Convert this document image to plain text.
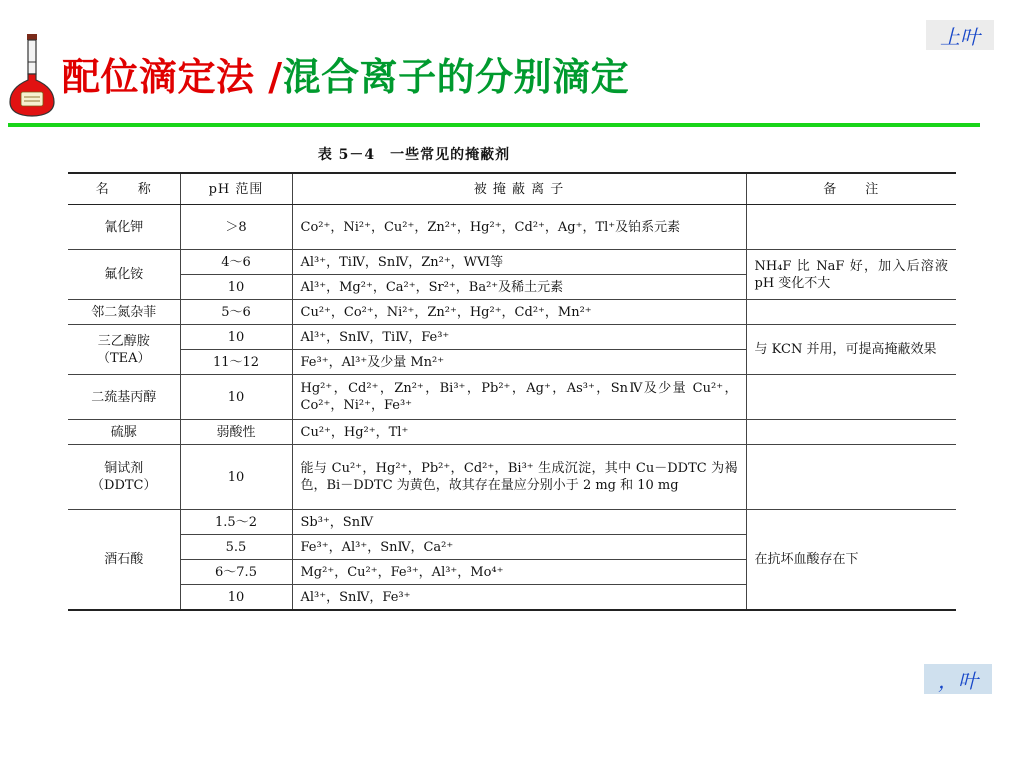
配位滴定法 /混合离子的分别滴定
上叶
表 5－4　一些常见的掩蔽剂
名　　称	pH 范围	被 掩 蔽 离 子	备　　注
氰化钾	＞8	Co²⁺，Ni²⁺，Cu²⁺，Zn²⁺，Hg²⁺，Cd²⁺，Ag⁺，Tl⁺及铂系元素	
氟化铵	4～6	Al³⁺，TiⅣ，SnⅣ，Zn²⁺，WⅥ等	NH₄F 比 NaF 好，加入后溶液 pH 变化不大
	10	Al³⁺，Mg²⁺，Ca²⁺，Sr²⁺，Ba²⁺及稀土元素	
邻二氮杂菲	5～6	Cu²⁺，Co²⁺，Ni²⁺，Zn²⁺，Hg²⁺，Cd²⁺，Mn²⁺	
三乙醇胺（TEA）	10	Al³⁺，SnⅣ，TiⅣ，Fe³⁺	与 KCN 并用，可提高掩蔽效果
	11～12	Fe³⁺，Al³⁺及少量 Mn²⁺	
二巯基丙醇	10	Hg²⁺，Cd²⁺，Zn²⁺，Bi³⁺，Pb²⁺，Ag⁺，As³⁺，SnⅣ及少量 Cu²⁺，Co²⁺，Ni²⁺，Fe³⁺	
硫脲	弱酸性	Cu²⁺，Hg²⁺，Tl⁺	
铜试剂（DDTC）	10	能与 Cu²⁺，Hg²⁺，Pb²⁺，Cd²⁺，Bi³⁺ 生成沉淀，其中 Cu－DDTC 为褐色，Bi－DDTC 为黄色，故其存在量应分别小于 2 mg 和 10 mg	
酒石酸	1.5～2	Sb³⁺，SnⅣ	在抗坏血酸存在下
	5.5	Fe³⁺，Al³⁺，SnⅣ，Ca²⁺	
	6～7.5	Mg²⁺，Cu²⁺，Fe³⁺，Al³⁺，Mo⁴⁺	
	10	Al³⁺，SnⅣ，Fe³⁺	
，叶
